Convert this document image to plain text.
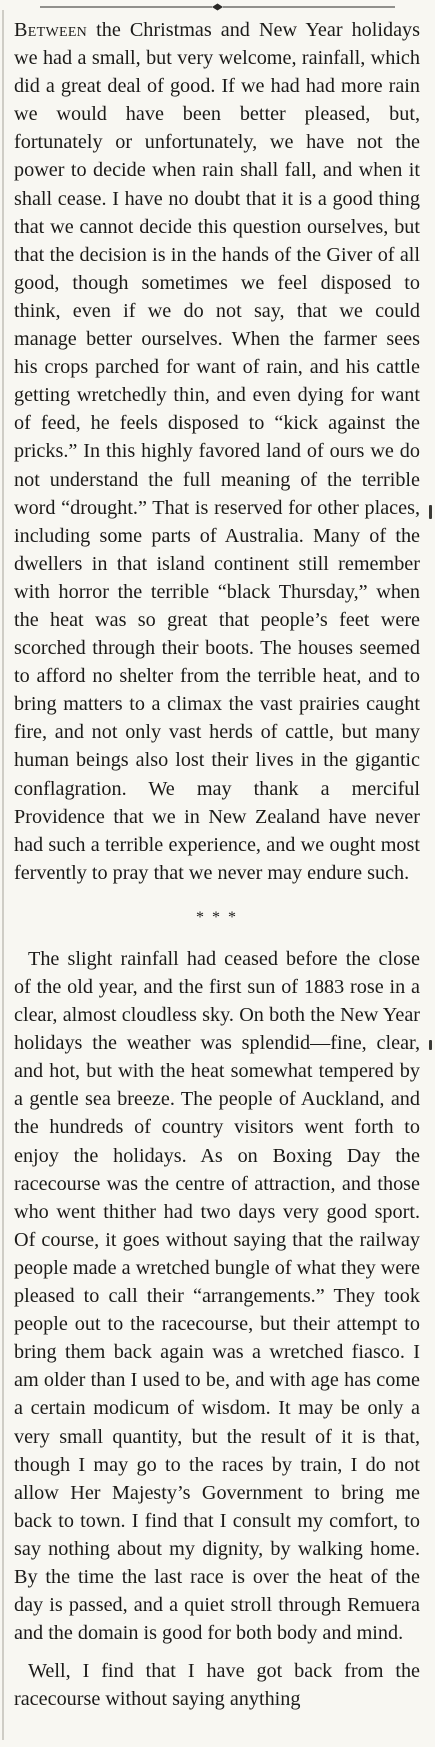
Between the Christmas and New Year holidays we had a small, but very welcome, rainfall, which did a great deal of good. If we had had more rain we would have been better pleased, but, fortunately or unfortunately, we have not the power to decide when rain shall fall, and when it shall cease. I have no doubt that it is a good thing that we cannot decide this question ourselves, but that the decision is in the hands of the Giver of all good, though sometimes we feel disposed to think, even if we do not say, that we could manage better ourselves. When the farmer sees his crops parched for want of rain, and his cattle getting wretchedly thin, and even dying for want of feed, he feels disposed to “kick against the pricks.” In this highly favored land of ours we do not understand the full meaning of the terrible word “drought.” That is reserved for other places, including some parts of Australia. Many of the dwellers in that island continent still remember with horror the terrible “black Thursday,” when the heat was so great that people’s feet were scorched through their boots. The houses seemed to afford no shelter from the terrible heat, and to bring matters to a climax the vast prairies caught fire, and not only vast herds of cattle, but many human beings also lost their lives in the gigantic conflagration. We may thank a merciful Providence that we in New Zealand have never had such a terrible experience, and we ought most fervently to pray that we never may endure such.

* * *

The slight rainfall had ceased before the close of the old year, and the first sun of 1883 rose in a clear, almost cloudless sky. On both the New Year holidays the weather was splendid—fine, clear, and hot, but with the heat somewhat tempered by a gentle sea breeze. The people of Auckland, and the hundreds of country visitors went forth to enjoy the holidays. As on Boxing Day the racecourse was the centre of attraction, and those who went thither had two days very good sport. Of course, it goes without saying that the railway people made a wretched bungle of what they were pleased to call their “arrangements.” They took people out to the racecourse, but their attempt to bring them back again was a wretched fiasco. I am older than I used to be, and with age has come a certain modicum of wisdom. It may be only a very small quantity, but the result of it is that, though I may go to the races by train, I do not allow Her Majesty’s Government to bring me back to town. I find that I consult my comfort, to say nothing about my dignity, by walking home. By the time the last race is over the heat of the day is passed, and a quiet stroll through Remuera and the domain is good for both body and mind.

Well, I find that I have got back from the racecourse without saying anything
